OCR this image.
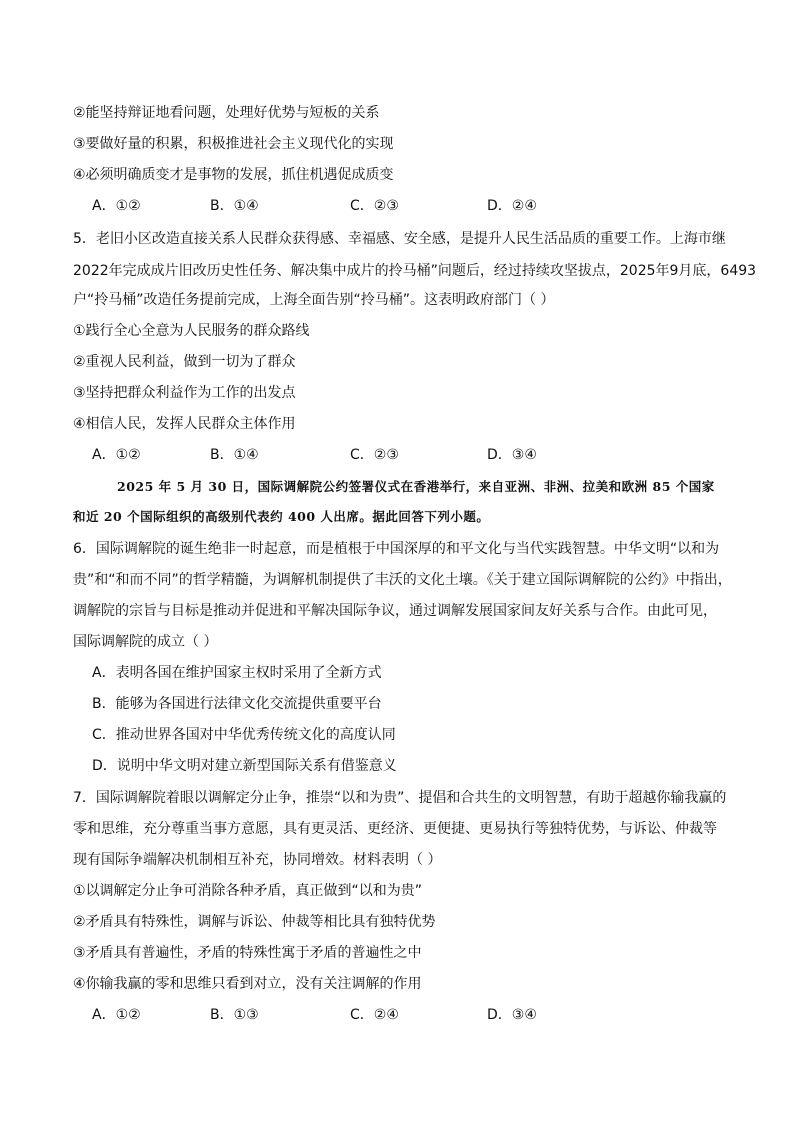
②能坚持辩证地看问题，处理好优势与短板的关系
③要做好量的积累，积极推进社会主义现代化的实现
④必须明确质变才是事物的发展，抓住机遇促成质变
A．①②	B．①④	C．②③	D．②④
5．老旧小区改造直接关系人民群众获得感、幸福感、安全感，是提升人民生活品质的重要工作。上海市继
2022年完成成片旧改历史性任务、解决集中成片的拎马桶”问题后，经过持续攻坚拔点，2025年9月底，6493
户“拎马桶”改造任务提前完成，上海全面告别“拎马桶”。这表明政府部门（ ）
①践行全心全意为人民服务的群众路线
②重视人民利益，做到一切为了群众
③坚持把群众利益作为工作的出发点
④相信人民，发挥人民群众主体作用
A．①②	B．①④	C．②③	D．③④
2025 年 5 月 30 日，国际调解院公约签署仪式在香港举行，来自亚洲、非洲、拉美和欧洲 85 个国家
和近 20 个国际组织的高级别代表约 400 人出席。据此回答下列小题。
6．国际调解院的诞生绝非一时起意，而是植根于中国深厚的和平文化与当代实践智慧。中华文明“以和为
贵”和“和而不同”的哲学精髓，为调解机制提供了丰沃的文化土壤。《关于建立国际调解院的公约》中指出，
调解院的宗旨与目标是推动并促进和平解决国际争议，通过调解发展国家间友好关系与合作。由此可见，
国际调解院的成立（ ）
A．表明各国在维护国家主权时采用了全新方式
B．能够为各国进行法律文化交流提供重要平台
C．推动世界各国对中华优秀传统文化的高度认同
D．说明中华文明对建立新型国际关系有借鉴意义
7．国际调解院着眼以调解定分止争，推崇“以和为贵”、提倡和合共生的文明智慧，有助于超越你输我赢的
零和思维，充分尊重当事方意愿，具有更灵活、更经济、更便捷、更易执行等独特优势，与诉讼、仲裁等
现有国际争端解决机制相互补充，协同增效。材料表明（ ）
①以调解定分止争可消除各种矛盾，真正做到“以和为贵”
②矛盾具有特殊性，调解与诉讼、仲裁等相比具有独特优势
③矛盾具有普遍性，矛盾的特殊性寓于矛盾的普遍性之中
④你输我赢的零和思维只看到对立，没有关注调解的作用
A．①②	B．①③	C．②④	D．③④
